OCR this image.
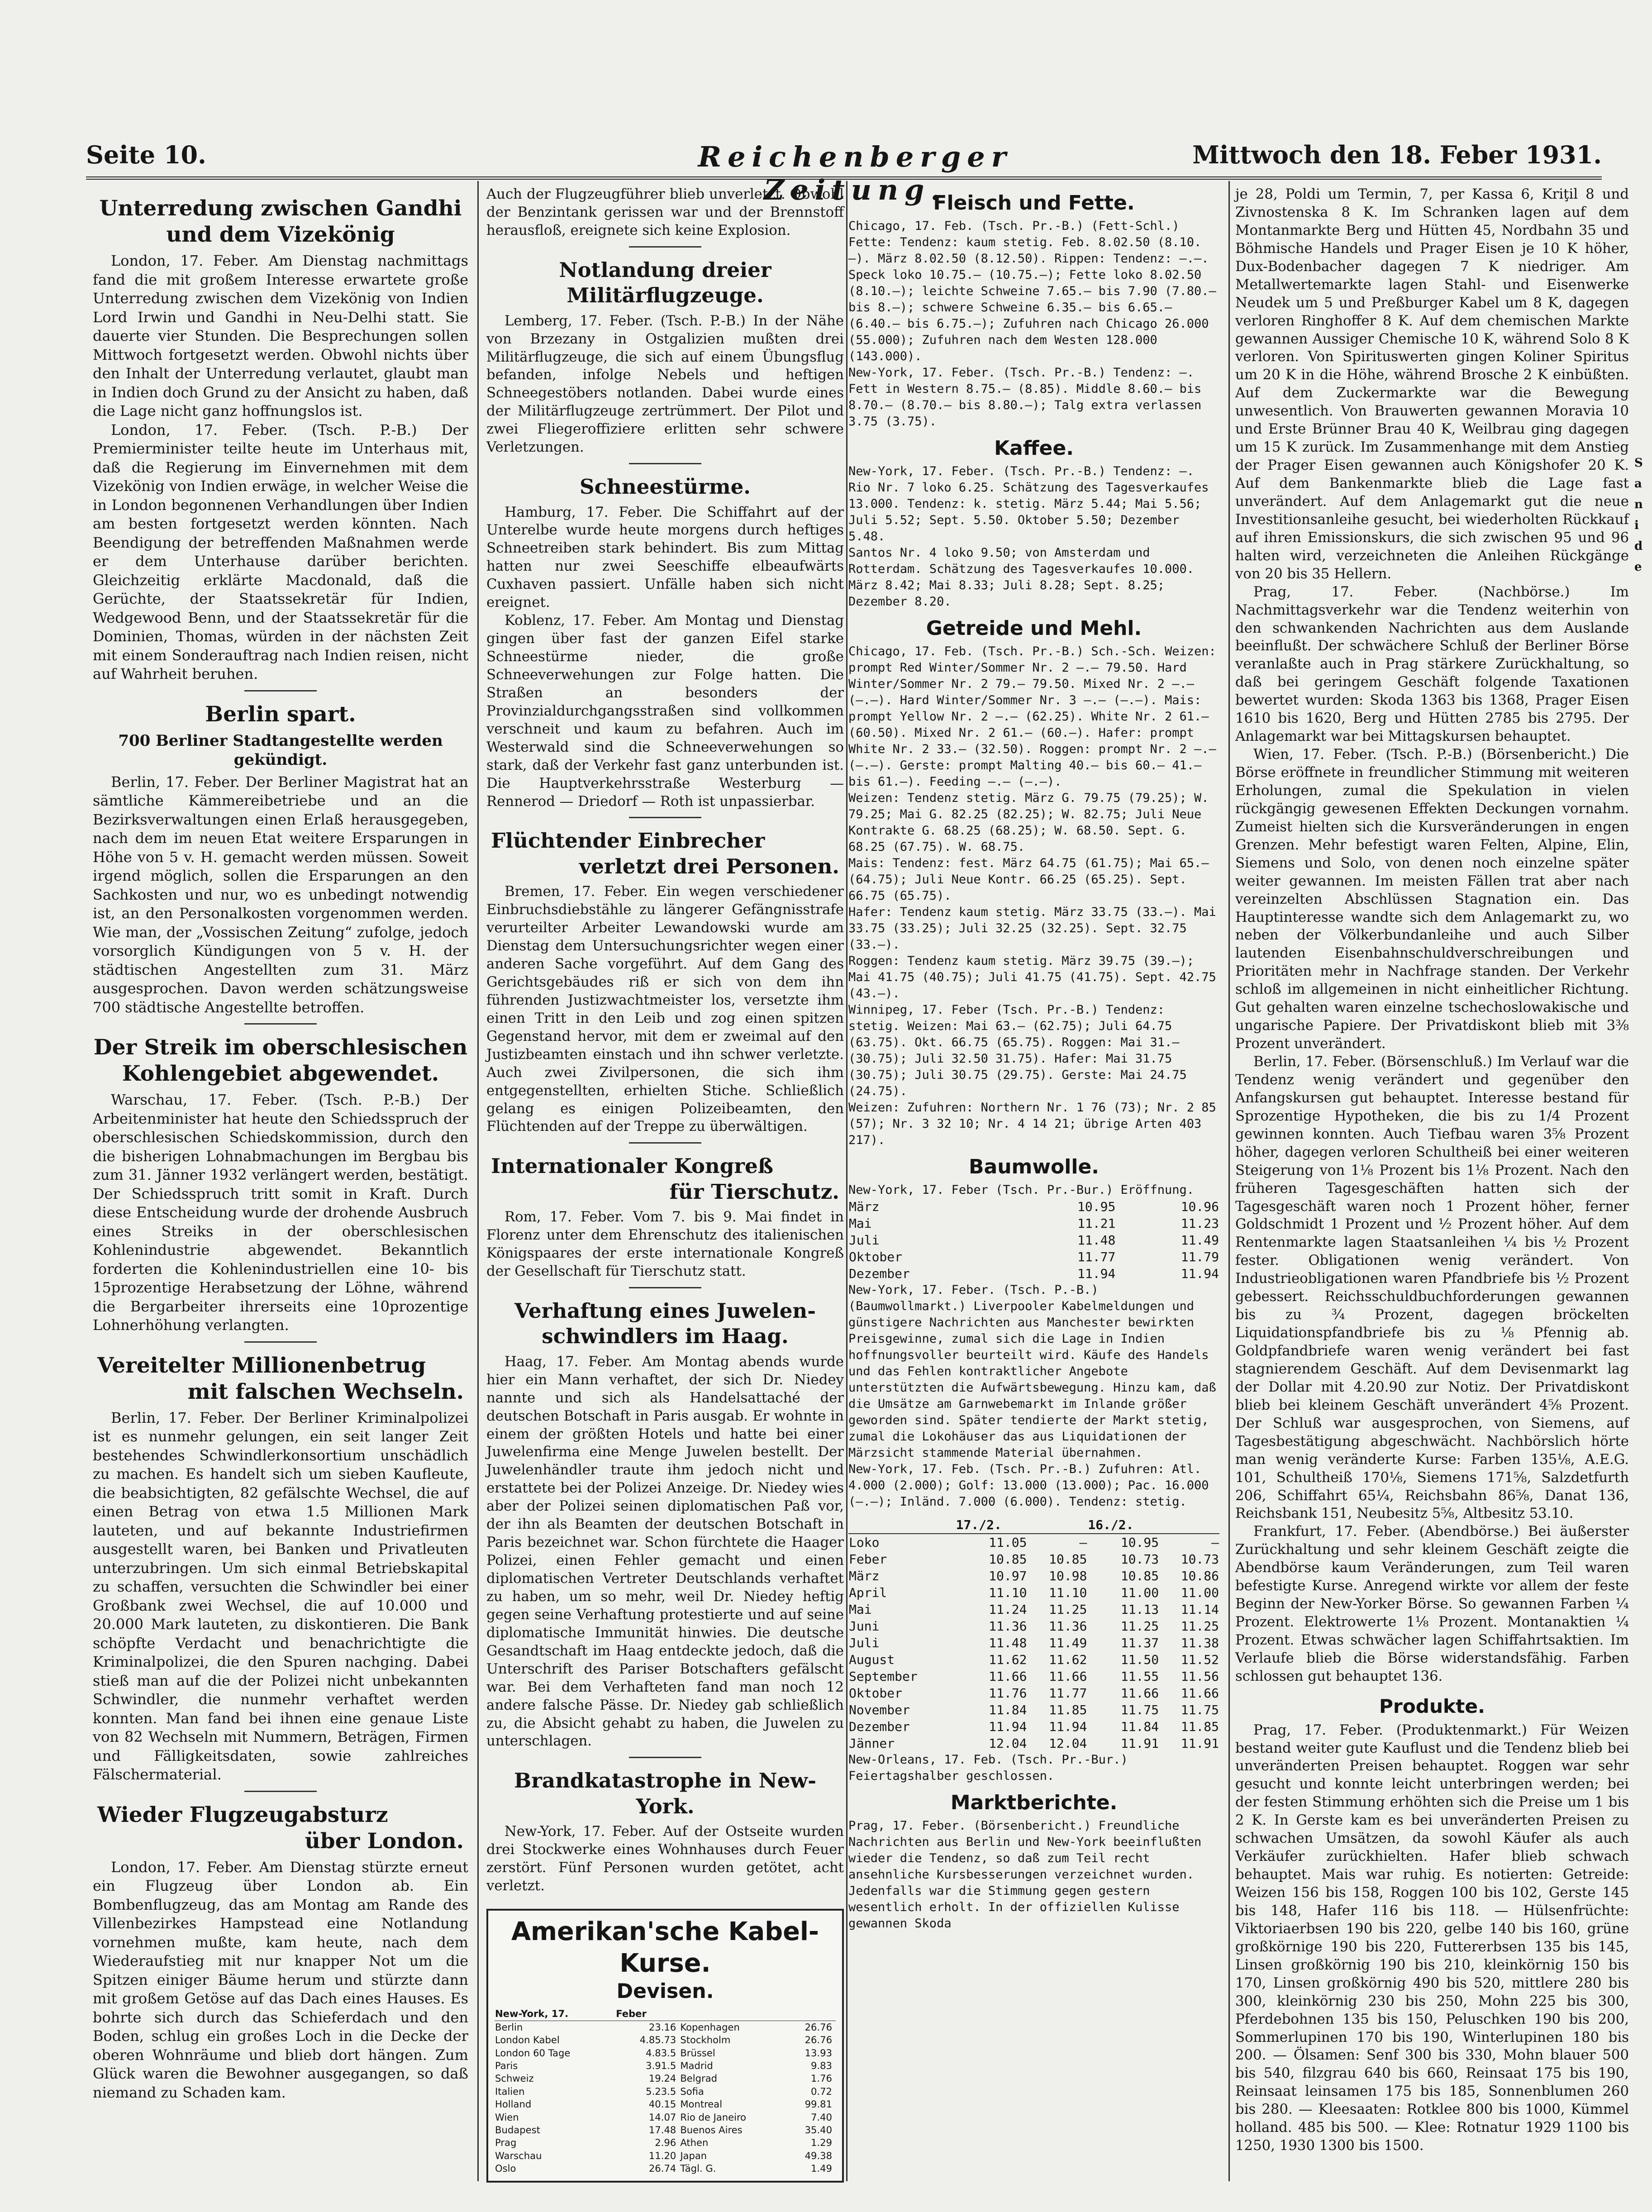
Seite 10.	Reichenberger Zeitung.
Mittwoch den 18. Feber 1931.
Unterredung zwischen Gandhi
und dem Vizekönig

London, 17. Feber. Am Dienstag nachmittags fand die mit großem Interesse erwartete große Unterredung zwischen dem Vizekönig von Indien Lord Irwin und Gandhi in Neu-Delhi statt. Sie dauerte vier Stunden. Die Besprechungen sollen Mittwoch fortgesetzt werden. Obwohl nichts über den Inhalt der Unterredung verlautet, glaubt man in Indien doch Grund zu der Ansicht zu haben, daß die Lage nicht ganz hoffnungslos ist.

London, 17. Feber. (Tsch. P.-B.) Der Premierminister teilte heute im Unterhaus mit, daß die Regierung im Einvernehmen mit dem Vizekönig von Indien erwäge, in welcher Weise die in London begonnenen Verhandlungen über Indien am besten fortgesetzt werden könnten. Nach Beendigung der betreffenden Maßnahmen werde er dem Unterhause darüber berichten. Gleichzeitig erklärte Macdonald, daß die Gerüchte, der Staatssekretär für Indien, Wedgewood Benn, und der Staatssekretär für die Dominien, Thomas, würden in der nächsten Zeit mit einem Sonderauftrag nach Indien reisen, nicht auf Wahrheit beruhen.

Berlin spart.
700 Berliner Stadtangestellte werden gekündigt.

Berlin, 17. Feber. Der Berliner Magistrat hat an sämtliche Kämmereibetriebe und an die Bezirksverwaltungen einen Erlaß herausgegeben, nach dem im neuen Etat weitere Ersparungen in Höhe von 5 v. H. gemacht werden müssen. Soweit irgend möglich, sollen die Ersparungen an den Sachkosten und nur, wo es unbedingt notwendig ist, an den Personalkosten vorgenommen werden. Wie man, der „Vossischen Zeitung“ zufolge, jedoch vorsorglich Kündigungen von 5 v. H. der städtischen Angestellten zum 31. März ausgesprochen. Davon werden schätzungsweise 700 städtische Angestellte betroffen.

Der Streik im oberschlesischen
Kohlengebiet abgewendet.

Warschau, 17. Feber. (Tsch. P.-B.) Der Arbeitenminister hat heute den Schiedsspruch der oberschlesischen Schiedskommission, durch den die bisherigen Lohnabmachungen im Bergbau bis zum 31. Jänner 1932 verlängert werden, bestätigt. Der Schiedsspruch tritt somit in Kraft. Durch diese Entscheidung wurde der drohende Ausbruch eines Streiks in der oberschlesischen Kohlenindustrie abgewendet. Bekanntlich forderten die Kohlenindustriellen eine 10- bis 15prozentige Herabsetzung der Löhne, während die Bergarbeiter ihrerseits eine 10prozentige Lohnerhöhung verlangten.

Vereitelter Millionenbetrug
mit falschen Wechseln.

Berlin, 17. Feber. Der Berliner Kriminalpolizei ist es nunmehr gelungen, ein seit langer Zeit bestehendes Schwindlerkonsortium unschädlich zu machen. Es handelt sich um sieben Kaufleute, die beabsichtigten, 82 gefälschte Wechsel, die auf einen Betrag von etwa 1.5 Millionen Mark lauteten, und auf bekannte Industriefirmen ausgestellt waren, bei Banken und Privatleuten unterzubringen. Um sich einmal Betriebskapital zu schaffen, versuchten die Schwindler bei einer Großbank zwei Wechsel, die auf 10.000 und 20.000 Mark lauteten, zu diskontieren. Die Bank schöpfte Verdacht und benachrichtigte die Kriminalpolizei, die den Spuren nachging. Dabei stieß man auf die der Polizei nicht unbekannten Schwindler, die nunmehr verhaftet werden konnten. Man fand bei ihnen eine genaue Liste von 82 Wechseln mit Nummern, Beträgen, Firmen und Fälligkeitsdaten, sowie zahlreiches Fälschermaterial.

Wieder Flugzeugabsturz
über London.

London, 17. Feber. Am Dienstag stürzte erneut ein Flugzeug über London ab. Ein Bombenflugzeug, das am Montag am Rande des Villenbezirkes Hampstead eine Notlandung vornehmen mußte, kam heute, nach dem Wiederaufstieg mit nur knapper Not um die Spitzen einiger Bäume herum und stürzte dann mit großem Getöse auf das Dach eines Hauses. Es bohrte sich durch das Schieferdach und den Boden, schlug ein großes Loch in die Decke der oberen Wohnräume und blieb dort hängen. Zum Glück waren die Bewohner ausgegangen, so daß niemand zu Schaden kam.

Auch der Flugzeugführer blieb unverletzt. Obwohl der Benzintank gerissen war und der Brennstoff herausfloß, ereignete sich keine Explosion.

Notlandung dreier Militärflugzeuge.

Lemberg, 17. Feber. (Tsch. P.-B.) In der Nähe von Brzezany in Ostgalizien mußten drei Militärflugzeuge, die sich auf einem Übungsflug befanden, infolge Nebels und heftigen Schneegestöbers notlanden. Dabei wurde eines der Militärflugzeuge zertrümmert. Der Pilot und zwei Fliegeroffiziere erlitten sehr schwere Verletzungen.

Schneestürme.

Hamburg, 17. Feber. Die Schiffahrt auf der Unterelbe wurde heute morgens durch heftiges Schneetreiben stark behindert. Bis zum Mittag hatten nur zwei Seeschiffe elbeaufwärts Cuxhaven passiert. Unfälle haben sich nicht ereignet.

Koblenz, 17. Feber. Am Montag und Dienstag gingen über fast der ganzen Eifel starke Schneestürme nieder, die große Schneeverwehungen zur Folge hatten. Die Straßen an besonders der Provinzialdurchgangsstraßen sind vollkommen verschneit und kaum zu befahren. Auch im Westerwald sind die Schneeverwehungen so stark, daß der Verkehr fast ganz unterbunden ist. Die Hauptverkehrsstraße Westerburg — Rennerod — Driedorf — Roth ist unpassierbar.

Flüchtender Einbrecher
verletzt drei Personen.

Bremen, 17. Feber. Ein wegen verschiedener Einbruchsdiebstähle zu längerer Gefängnisstrafe verurteilter Arbeiter Lewandowski wurde am Dienstag dem Untersuchungsrichter wegen einer anderen Sache vorgeführt. Auf dem Gang des Gerichtsgebäudes riß er sich von dem ihn führenden Justizwachtmeister los, versetzte ihm einen Tritt in den Leib und zog einen spitzen Gegenstand hervor, mit dem er zweimal auf den Justizbeamten einstach und ihn schwer verletzte. Auch zwei Zivilpersonen, die sich ihm entgegenstellten, erhielten Stiche. Schließlich gelang es einigen Polizeibeamten, den Flüchtenden auf der Treppe zu überwältigen.

Internationaler Kongreß
für Tierschutz.

Rom, 17. Feber. Vom 7. bis 9. Mai findet in Florenz unter dem Ehrenschutz des italienischen Königspaares der erste internationale Kongreß der Gesellschaft für Tierschutz statt.

Verhaftung eines Juwelen-
schwindlers im Haag.

Haag, 17. Feber. Am Montag abends wurde hier ein Mann verhaftet, der sich Dr. Niedey nannte und sich als Handelsattaché der deutschen Botschaft in Paris ausgab. Er wohnte in einem der größten Hotels und hatte bei einer Juwelenfirma eine Menge Juwelen bestellt. Der Juwelenhändler traute ihm jedoch nicht und erstattete bei der Polizei Anzeige. Dr. Niedey wies aber der Polizei seinen diplomatischen Paß vor, der ihn als Beamten der deutschen Botschaft in Paris bezeichnet war. Schon fürchtete die Haager Polizei, einen Fehler gemacht und einen diplomatischen Vertreter Deutschlands verhaftet zu haben, um so mehr, weil Dr. Niedey heftig gegen seine Verhaftung protestierte und auf seine diplomatische Immunität hinwies. Die deutsche Gesandtschaft im Haag entdeckte jedoch, daß die Unterschrift des Pariser Botschafters gefälscht war. Bei dem Verhafteten fand man noch 12 andere falsche Pässe. Dr. Niedey gab schließlich zu, die Absicht gehabt zu haben, die Juwelen zu unterschlagen.

Brandkatastrophe in New-York.

New-York, 17. Feber. Auf der Ostseite wurden drei Stockwerke eines Wohnhauses durch Feuer zerstört. Fünf Personen wurden getötet, acht verletzt.

Amerikan'sche Kabel-
Kurse.
Devisen.
New-York, 17.	Feber		
Berlin	23.16	Kopenhagen	26.76
London Kabel	4.85.73	Stockholm	26.76
London 60 Tage	4.83.5	Brüssel	13.93
Paris	3.91.5	Madrid	9.83
Schweiz	19.24	Belgrad	1.76
Italien	5.23.5	Sofia	0.72
Holland	40.15	Montreal	99.81
Wien	14.07	Rio de Janeiro	7.40
Budapest	17.48	Buenos Aires	35.40
Prag	2.96	Athen	1.29
Warschau	11.20	Japan	49.38
Oslo	26.74	Tägl. G.	1.49
Fleisch und Fette.

Chicago, 17. Feb. (Tsch. Pr.-B.) (Fett-Schl.) Fette: Tendenz: kaum stetig. Feb. 8.02.50 (8.10.—). März 8.02.50 (8.12.50). Rippen: Tendenz: —.—. Speck loko 10.75.— (10.75.—); Fette loko 8.02.50 (8.10.—); leichte Schweine 7.65.— bis 7.90 (7.80.— bis 8.—); schwere Schweine 6.35.— bis 6.65.— (6.40.— bis 6.75.—); Zufuhren nach Chicago 26.000 (55.000); Zufuhren nach dem Westen 128.000 (143.000).

New-York, 17. Feber. (Tsch. Pr.-B.) Tendenz: —. Fett in Western 8.75.— (8.85). Middle 8.60.— bis 8.70.— (8.70.— bis 8.80.—); Talg extra verlassen 3.75 (3.75).

Kaffee.

New-York, 17. Feber. (Tsch. Pr.-B.) Tendenz: —. Rio Nr. 7 loko 6.25. Schätzung des Tagesverkaufes 13.000. Tendenz: k. stetig. März 5.44; Mai 5.56; Juli 5.52; Sept. 5.50. Oktober 5.50; Dezember 5.48.

Santos Nr. 4 loko 9.50; von Amsterdam und Rotterdam. Schätzung des Tagesverkaufes 10.000. März 8.42; Mai 8.33; Juli 8.28; Sept. 8.25; Dezember 8.20.

Getreide und Mehl.

Chicago, 17. Feb. (Tsch. Pr.-B.) Sch.-Sch. Weizen: prompt Red Winter/Sommer Nr. 2 —.— 79.50. Hard Winter/Sommer Nr. 2 79.— 79.50. Mixed Nr. 2 —.— (—.—). Hard Winter/Sommer Nr. 3 —.— (—.—). Mais: prompt Yellow Nr. 2 —.— (62.25). White Nr. 2 61.— (60.50). Mixed Nr. 2 61.— (60.—). Hafer: prompt White Nr. 2 33.— (32.50). Roggen: prompt Nr. 2 —.— (—.—). Gerste: prompt Malting 40.— bis 60.— 41.— bis 61.—). Feeding —.— (—.—).

Weizen: Tendenz stetig. März G. 79.75 (79.25); W. 79.25; Mai G. 82.25 (82.25); W. 82.75; Juli Neue Kontrakte G. 68.25 (68.25); W. 68.50. Sept. G. 68.25 (67.75). W. 68.75.

Mais: Tendenz: fest. März 64.75 (61.75); Mai 65.— (64.75); Juli Neue Kontr. 66.25 (65.25). Sept. 66.75 (65.75).

Hafer: Tendenz kaum stetig. März 33.75 (33.—). Mai 33.75 (33.25); Juli 32.25 (32.25). Sept. 32.75 (33.—).

Roggen: Tendenz kaum stetig. März 39.75 (39.—); Mai 41.75 (40.75); Juli 41.75 (41.75). Sept. 42.75 (43.—).

Winnipeg, 17. Feber (Tsch. Pr.-B.) Tendenz: stetig. Weizen: Mai 63.— (62.75); Juli 64.75 (63.75). Okt. 66.75 (65.75). Roggen: Mai 31.— (30.75); Juli 32.50 31.75). Hafer: Mai 31.75 (30.75); Juli 30.75 (29.75). Gerste: Mai 24.75 (24.75).

Weizen: Zufuhren: Northern Nr. 1 76 (73); Nr. 2 85 (57); Nr. 3 32 10; Nr. 4 14 21; übrige Arten 403 217).

Baumwolle.

New-York, 17. Feber (Tsch. Pr.-Bur.) Eröffnung.

März	10.95	10.96
Mai	11.21	11.23
Juli	11.48	11.49
Oktober	11.77	11.79
Dezember	11.94	11.94

New-York, 17. Feber. (Tsch. P.-B.) (Baumwollmarkt.) Liverpooler Kabelmeldungen und günstigere Nachrichten aus Manchester bewirkten Preisgewinne, zumal sich die Lage in Indien hoffnungsvoller beurteilt wird. Käufe des Handels und das Fehlen kontraktlicher Angebote unterstützten die Aufwärtsbewegung. Hinzu kam, daß die Umsätze am Garnwebemarkt im Inlande größer geworden sind. Später tendierte der Markt stetig, zumal die Lokohäuser das aus Liquidationen der Märzsicht stammende Material übernahmen.

New-York, 17. Feb. (Tsch. Pr.-B.) Zufuhren: Atl. 4.000 (2.000); Golf: 13.000 (13.000); Pac. 16.000 (—.—); Inländ. 7.000 (6.000). Tendenz: stetig.

	17./2.		16./2.	
Loko	11.05	—	10.95	—
Feber	10.85	10.85	10.73	10.73
März	10.97	10.98	10.85	10.86
April	11.10	11.10	11.00	11.00
Mai	11.24	11.25	11.13	11.14
Juni	11.36	11.36	11.25	11.25
Juli	11.48	11.49	11.37	11.38
August	11.62	11.62	11.50	11.52
September	11.66	11.66	11.55	11.56
Oktober	11.76	11.77	11.66	11.66
November	11.84	11.85	11.75	11.75
Dezember	11.94	11.94	11.84	11.85
Jänner	12.04	12.04	11.91	11.91

New-Orleans, 17. Feb. (Tsch. Pr.-Bur.) Feiertagshalber geschlossen.

Marktberichte.

Prag, 17. Feber. (Börsenbericht.) Freundliche Nachrichten aus Berlin und New-York beeinflußten wieder die Tendenz, so daß zum Teil recht ansehnliche Kursbesserungen verzeichnet wurden. Jedenfalls war die Stimmung gegen gestern wesentlich erholt. In der offiziellen Kulisse gewannen Skoda

je 28, Poldi um Termin, 7, per Kassa 6, Kriţil 8 und Zivnostenska 8 K. Im Schranken lagen auf dem Montanmarkte Berg und Hütten 45, Nordbahn 35 und Böhmische Handels und Prager Eisen je 10 K höher, Dux-Bodenbacher dagegen 7 K niedriger. Am Metallwertemarkte lagen Stahl- und Eisenwerke Neudek um 5 und Preßburger Kabel um 8 K, dagegen verloren Ringhoffer 8 K. Auf dem chemischen Markte gewannen Aussiger Chemische 10 K, während Solo 8 K verloren. Von Spirituswerten gingen Koliner Spiritus um 20 K in die Höhe, während Brosche 2 K einbüßten. Auf dem Zuckermarkte war die Bewegung unwesentlich. Von Brauwerten gewannen Moravia 10 und Erste Brünner Brau 40 K, Weilbrau ging dagegen um 15 K zurück. Im Zusammenhange mit dem Anstieg der Prager Eisen gewannen auch Königshofer 20 K. Auf dem Bankenmarkte blieb die Lage fast unverändert. Auf dem Anlagemarkt gut die neue Investitionsanleihe gesucht, bei wiederholten Rückkauf auf ihren Emissionskurs, die sich zwischen 95 und 96 halten wird, verzeichneten die Anleihen Rückgänge von 20 bis 35 Hellern.

Prag, 17. Feber. (Nachbörse.) Im Nachmittagsverkehr war die Tendenz weiterhin von den schwankenden Nachrichten aus dem Auslande beeinflußt. Der schwächere Schluß der Berliner Börse veranlaßte auch in Prag stärkere Zurückhaltung, so daß bei geringem Geschäft folgende Taxationen bewertet wurden: Skoda 1363 bis 1368, Prager Eisen 1610 bis 1620, Berg und Hütten 2785 bis 2795. Der Anlagemarkt war bei Mittagskursen behauptet.

Wien, 17. Feber. (Tsch. P.-B.) (Börsenbericht.) Die Börse eröffnete in freundlicher Stimmung mit weiteren Erholungen, zumal die Spekulation in vielen rückgängig gewesenen Effekten Deckungen vornahm. Zumeist hielten sich die Kursveränderungen in engen Grenzen. Mehr befestigt waren Felten, Alpine, Elin, Siemens und Solo, von denen noch einzelne später weiter gewannen. Im meisten Fällen trat aber nach vereinzelten Abschlüssen Stagnation ein. Das Hauptinteresse wandte sich dem Anlagemarkt zu, wo neben der Völkerbundanleihe und auch Silber lautenden Eisenbahnschuldverschreibungen und Prioritäten mehr in Nachfrage standen. Der Verkehr schloß im allgemeinen in nicht einheitlicher Richtung. Gut gehalten waren einzelne tschechoslowakische und ungarische Papiere. Der Privatdiskont blieb mit 3⅜ Prozent unverändert.

Berlin, 17. Feber. (Börsenschluß.) Im Verlauf war die Tendenz wenig verändert und gegenüber den Anfangskursen gut behauptet. Interesse bestand für Sprozentige Hypotheken, die bis zu 1/4 Prozent gewinnen konnten. Auch Tiefbau waren 3⅝ Prozent höher, dagegen verloren Schultheiß bei einer weiteren Steigerung von 1⅛ Prozent bis 1⅛ Prozent. Nach den früheren Tagesgeschäften hatten sich der Tagesgeschäft waren noch 1 Prozent höher, ferner Goldschmidt 1 Prozent und ½ Prozent höher. Auf dem Rentenmarkte lagen Staatsanleihen ¼ bis ½ Prozent fester. Obligationen wenig verändert. Von Industrieobligationen waren Pfandbriefe bis ½ Prozent gebessert. Reichsschuldbuchforderungen gewannen bis zu ¾ Prozent, dagegen bröckelten Liquidationspfandbriefe bis zu ⅛ Pfennig ab. Goldpfandbriefe waren wenig verändert bei fast stagnierendem Geschäft. Auf dem Devisenmarkt lag der Dollar mit 4.20.90 zur Notiz. Der Privatdiskont blieb bei kleinem Geschäft unverändert 4⅝ Prozent. Der Schluß war ausgesprochen, von Siemens, auf Tagesbestätigung abgeschwächt. Nachbörslich hörte man wenig veränderte Kurse: Farben 135⅛, A.E.G. 101, Schultheiß 170⅛, Siemens 171⅝, Salzdetfurth 206, Schiffahrt 65¼, Reichsbahn 86⅝, Danat 136, Reichsbank 151, Neubesitz 5⅝, Altbesitz 53.10.

Frankfurt, 17. Feber. (Abendbörse.) Bei äußerster Zurückhaltung und sehr kleinem Geschäft zeigte die Abendbörse kaum Veränderungen, zum Teil waren befestigte Kurse. Anregend wirkte vor allem der feste Beginn der New-Yorker Börse. So gewannen Farben ¼ Prozent. Elektrowerte 1⅛ Prozent. Montanaktien ¼ Prozent. Etwas schwächer lagen Schiffahrtsaktien. Im Verlaufe blieb die Börse widerstandsfähig. Farben schlossen gut behauptet 136.

Produkte.

Prag, 17. Feber. (Produktenmarkt.) Für Weizen bestand weiter gute Kauflust und die Tendenz blieb bei unveränderten Preisen behauptet. Roggen war sehr gesucht und konnte leicht unterbringen werden; bei der festen Stimmung erhöhten sich die Preise um 1 bis 2 K. In Gerste kam es bei unveränderten Preisen zu schwachen Umsätzen, da sowohl Käufer als auch Verkäufer zurückhielten. Hafer blieb schwach behauptet. Mais war ruhig. Es notierten: Getreide: Weizen 156 bis 158, Roggen 100 bis 102, Gerste 145 bis 148, Hafer 116 bis 118. — Hülsenfrüchte: Viktoriaerbsen 190 bis 220, gelbe 140 bis 160, grüne großkörnige 190 bis 220, Futtererbsen 135 bis 145, Linsen großkörnig 190 bis 210, kleinkörnig 150 bis 170, Linsen großkörnig 490 bis 520, mittlere 280 bis 300, kleinkörnig 230 bis 250, Mohn 225 bis 300, Pferdebohnen 135 bis 150, Peluschken 190 bis 200, Sommerlupinen 170 bis 190, Winterlupinen 180 bis 200. — Ölsamen: Senf 300 bis 330, Mohn blauer 500 bis 540, filzgrau 640 bis 660, Reinsaat 175 bis 190, Reinsaat leinsamen 175 bis 185, Sonnenblumen 260 bis 280. — Kleesaaten: Rotklee 800 bis 1000, Kümmel holland. 485 bis 500. — Klee: Rotnatur 1929 1100 bis 1250, 1930 1300 bis 1500.

S
a
n
i
d
e
